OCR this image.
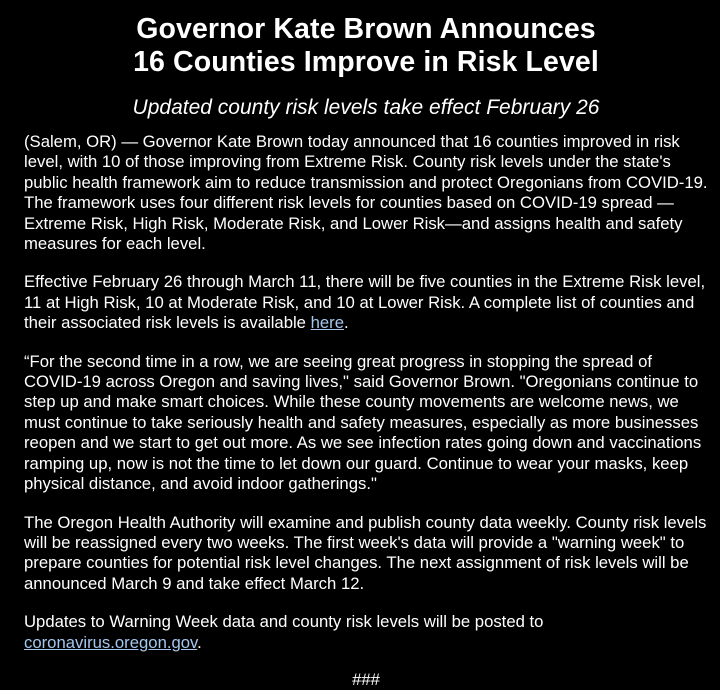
Governor Kate Brown Announces
16 Counties Improve in Risk Level

Updated county risk levels take effect February 26

(Salem, OR) — Governor Kate Brown today announced that 16 counties improved in risk level, with 10 of those improving from Extreme Risk. County risk levels under the state's public health framework aim to reduce transmission and protect Oregonians from COVID-19. The framework uses four different risk levels for counties based on COVID-19 spread —Extreme Risk, High Risk, Moderate Risk, and Lower Risk—and assigns health and safety measures for each level.

Effective February 26 through March 11, there will be five counties in the Extreme Risk level, 11 at High Risk, 10 at Moderate Risk, and 10 at Lower Risk. A complete list of counties and their associated risk levels is available here.

“For the second time in a row, we are seeing great progress in stopping the spread of COVID-19 across Oregon and saving lives," said Governor Brown. "Oregonians continue to step up and make smart choices. While these county movements are welcome news, we must continue to take seriously health and safety measures, especially as more businesses reopen and we start to get out more. As we see infection rates going down and vaccinations ramping up, now is not the time to let down our guard. Continue to wear your masks, keep physical distance, and avoid indoor gatherings."

The Oregon Health Authority will examine and publish county data weekly. County risk levels will be reassigned every two weeks. The first week's data will provide a "warning week" to prepare counties for potential risk level changes. The next assignment of risk levels will be announced March 9 and take effect March 12.

Updates to Warning Week data and county risk levels will be posted to coronavirus.oregon.gov.

###
